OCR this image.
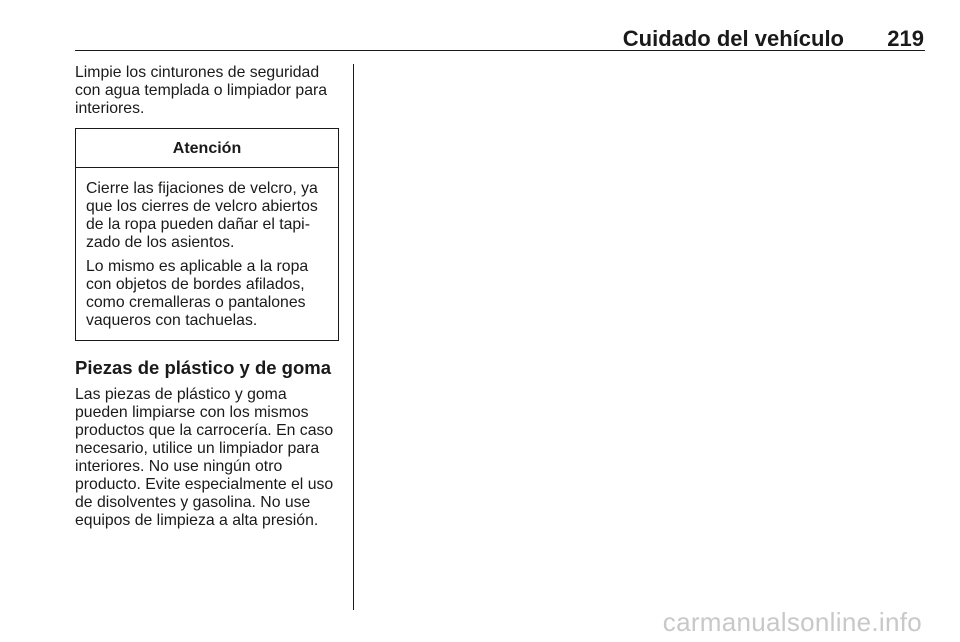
Cuidado del vehículo 219

Limpie los cinturones de seguridad con agua templada o limpiador para interiores.

Atención

Cierre las fijaciones de velcro, ya que los cierres de velcro abiertos de la ropa pueden dañar el tapi-zado de los asientos.

Lo mismo es aplicable a la ropa con objetos de bordes afilados, como cremalleras o pantalones vaqueros con tachuelas.

Piezas de plástico y de goma

Las piezas de plástico y goma pueden limpiarse con los mismos productos que la carrocería. En caso necesario, utilice un limpiador para interiores. No use ningún otro producto. Evite especialmente el uso de disolventes y gasolina. No use equipos de limpieza a alta presión.

carmanualsonline.info
